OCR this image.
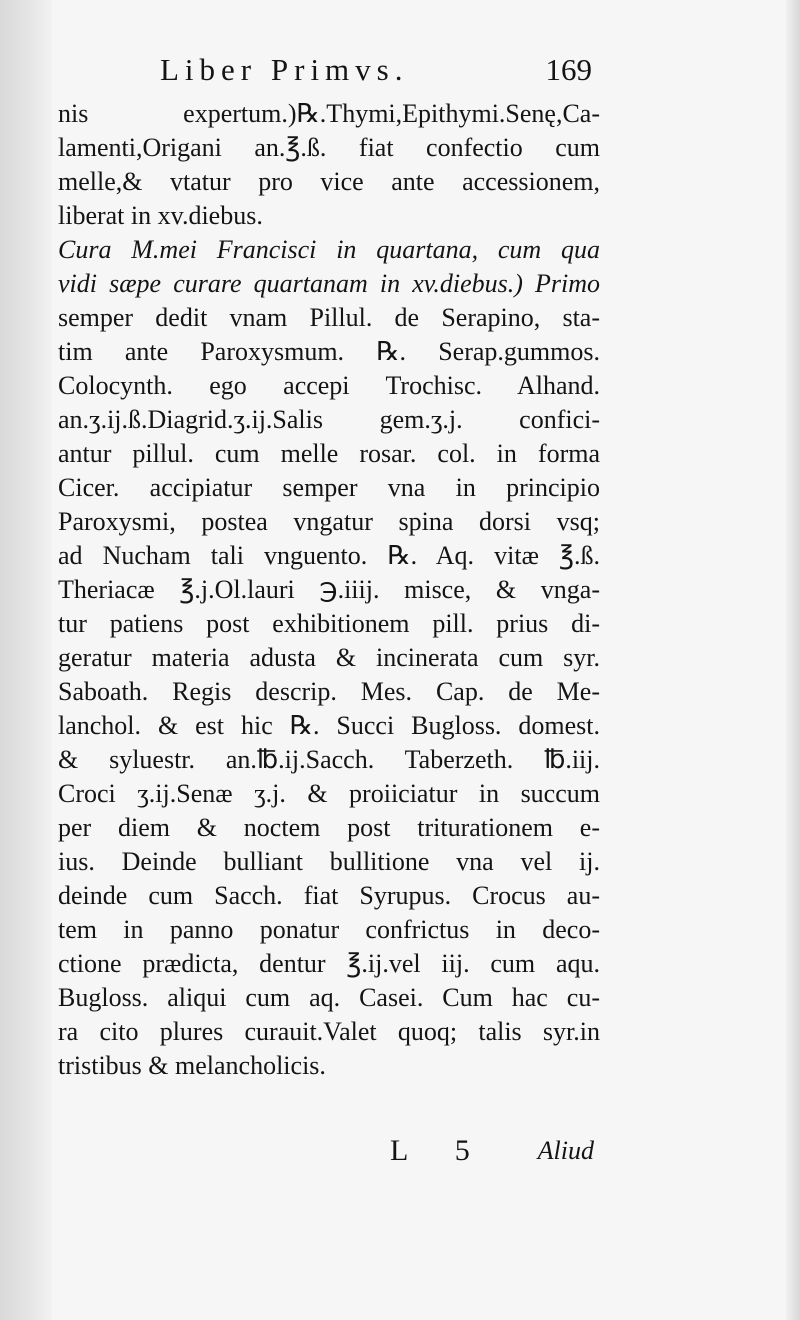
Liber Primvs.	169
nis expertum.)℞.Thymi,Epithymi.Senę,Ca-
lamenti,Origani an.℥.ß. fiat confectio cum
melle,& vtatur pro vice ante accessionem,
liberat in xv.diebus.
Cura M.mei Francisci in quartana, cum qua
vidi sæpe curare quartanam in xv.diebus.) Primo
semper dedit vnam Pillul. de Serapino, sta-
tim ante Paroxysmum. ℞. Serap.gummos.
Colocynth. ego accepi Trochisc. Alhand.
an.ʒ.ij.ß.Diagrid.ʒ.ij.Salis gem.ʒ.j. confici-
antur pillul. cum melle rosar. col. in forma
Cicer. accipiatur semper vna in principio
Paroxysmi, postea vngatur spina dorsi vsq;
ad Nucham tali vnguento. ℞. Aq. vitæ ℥.ß.
Theriacæ ℥.j.Ol.lauri ℈.iiij. misce, & vnga-
tur patiens post exhibitionem pill. prius di-
geratur materia adusta & incinerata cum syr.
Saboath. Regis descrip. Mes. Cap. de Me-
lanchol. & est hic ℞. Succi Bugloss. domest.
& syluestr. an.℔.ij.Sacch. Taberzeth. ℔.iij.
Croci ʒ.ij.Senæ ʒ.j. & proiiciatur in succum
per diem & noctem post triturationem e-
ius. Deinde bulliant bullitione vna vel ij.
deinde cum Sacch. fiat Syrupus. Crocus au-
tem in panno ponatur confrictus in deco-
ctione prædicta, dentur ℥.ij.vel iij. cum aqu.
Bugloss. aliqui cum aq. Casei. Cum hac cu-
ra cito plures curauit.Valet quoq; talis syr.in
tristibus & melancholicis.
L 5 Aliud
